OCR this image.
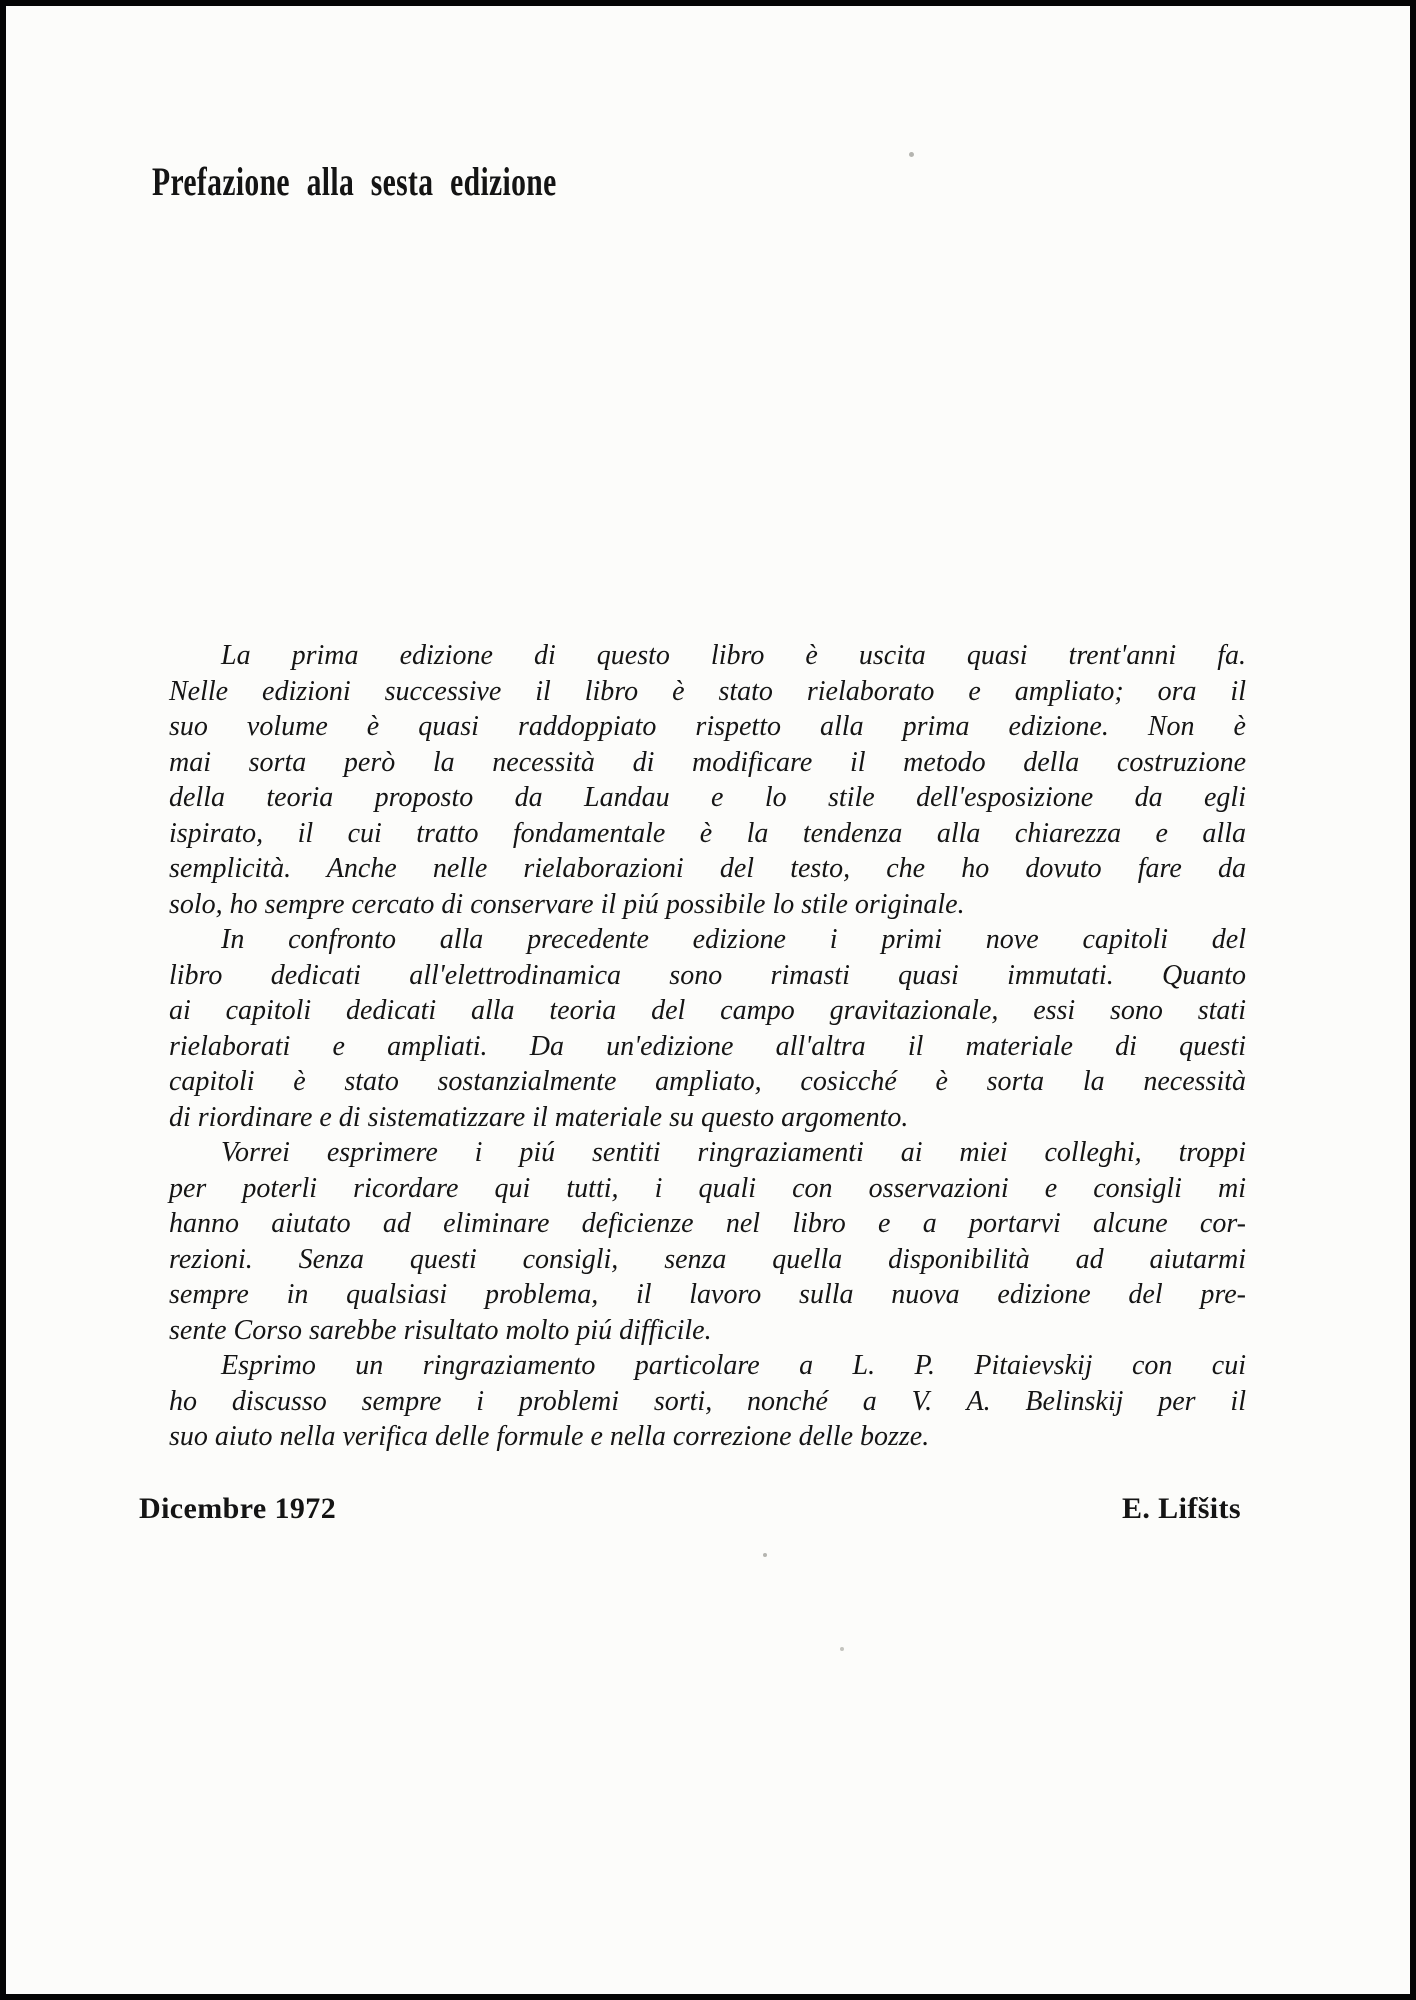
Prefazione alla sesta edizione
La prima edizione di questo libro è uscita quasi trent'anni fa.
Nelle edizioni successive il libro è stato rielaborato e ampliato; ora il
suo volume è quasi raddoppiato rispetto alla prima edizione. Non è
mai sorta però la necessità di modificare il metodo della costruzione
della teoria proposto da Landau e lo stile dell'esposizione da egli
ispirato, il cui tratto fondamentale è la tendenza alla chiarezza e alla
semplicità. Anche nelle rielaborazioni del testo, che ho dovuto fare da
solo, ho sempre cercato di conservare il piú possibile lo stile originale.
In confronto alla precedente edizione i primi nove capitoli del
libro dedicati all'elettrodinamica sono rimasti quasi immutati. Quanto
ai capitoli dedicati alla teoria del campo gravitazionale, essi sono stati
rielaborati e ampliati. Da un'edizione all'altra il materiale di questi
capitoli è stato sostanzialmente ampliato, cosicché è sorta la necessità
di riordinare e di sistematizzare il materiale su questo argomento.
Vorrei esprimere i piú sentiti ringraziamenti ai miei colleghi, troppi
per poterli ricordare qui tutti, i quali con osservazioni e consigli mi
hanno aiutato ad eliminare deficienze nel libro e a portarvi alcune cor-
rezioni. Senza questi consigli, senza quella disponibilità ad aiutarmi
sempre in qualsiasi problema, il lavoro sulla nuova edizione del pre-
sente Corso sarebbe risultato molto piú difficile.
Esprimo un ringraziamento particolare a L. P. Pitaievskij con cui
ho discusso sempre i problemi sorti, nonché a V. A. Belinskij per il
suo aiuto nella verifica delle formule e nella correzione delle bozze.
Dicembre 1972	E. Lifšits
